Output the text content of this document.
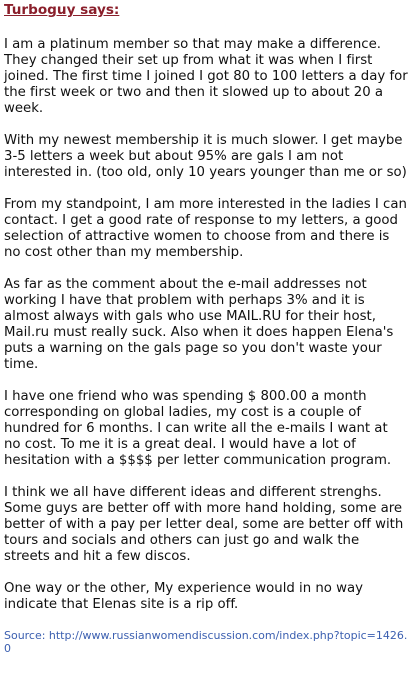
Turboguy says:
I am a platinum member so that may make a difference. They changed their set up from what it was when I first joined. The first time I joined I got 80 to 100 letters a day for the first week or two and then it slowed up to about 20 a week.
With my newest membership it is much slower. I get maybe 3-5 letters a week but about 95% are gals I am not interested in. (too old, only 10 years younger than me or so)
From my standpoint, I am more interested in the ladies I can contact. I get a good rate of response to my letters, a good selection of attractive women to choose from and there is no cost other than my membership.
As far as the comment about the e-mail addresses not working I have that problem with perhaps 3% and it is almost always with gals who use MAIL.RU for their host, Mail.ru must really suck. Also when it does happen Elena's puts a warning on the gals page so you don't waste your time.
I have one friend who was spending $ 800.00 a month corresponding on global ladies, my cost is a couple of hundred for 6 months. I can write all the e-mails I want at no cost. To me it is a great deal. I would have a lot of hesitation with a $$$$ per letter communication program.
I think we all have different ideas and different strenghs. Some guys are better off with more hand holding, some are better of with a pay per letter deal, some are better off with tours and socials and others can just go and walk the streets and hit a few discos.
One way or the other, My experience would in no way indicate that Elenas site is a rip off.
Source: http://www.russianwomendiscussion.com/index.php?topic=1426.0
